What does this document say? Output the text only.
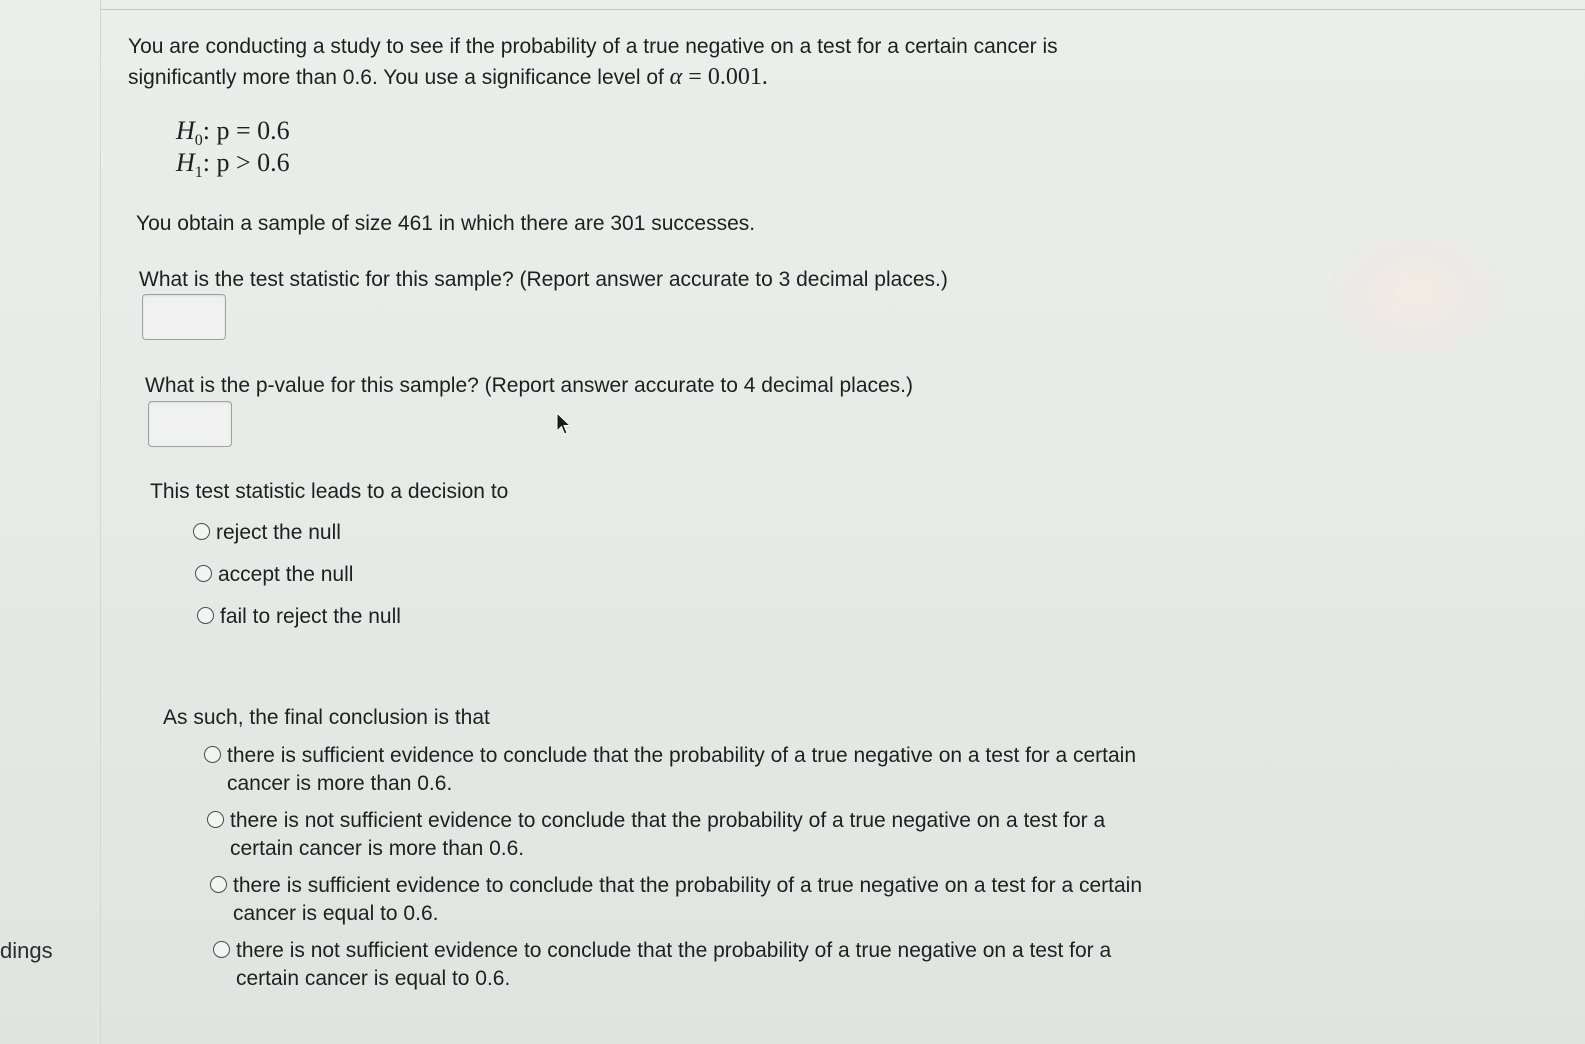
dings
You are conducting a study to see if the probability of a true negative on a test for a certain cancer is
significantly more than 0.6. You use a significance level of α = 0.001.
$H_0$: p = 0.6
$H_1$: p > 0.6
You obtain a sample of size 461 in which there are 301 successes.
What is the test statistic for this sample? (Report answer accurate to 3 decimal places.)
What is the p-value for this sample? (Report answer accurate to 4 decimal places.)
This test statistic leads to a decision to
reject the null
accept the null
fail to reject the null
As such, the final conclusion is that
there is sufficient evidence to conclude that the probability of a true negative on a test for a certain
cancer is more than 0.6.
there is not sufficient evidence to conclude that the probability of a true negative on a test for a
certain cancer is more than 0.6.
there is sufficient evidence to conclude that the probability of a true negative on a test for a certain
cancer is equal to 0.6.
there is not sufficient evidence to conclude that the probability of a true negative on a test for a
certain cancer is equal to 0.6.
